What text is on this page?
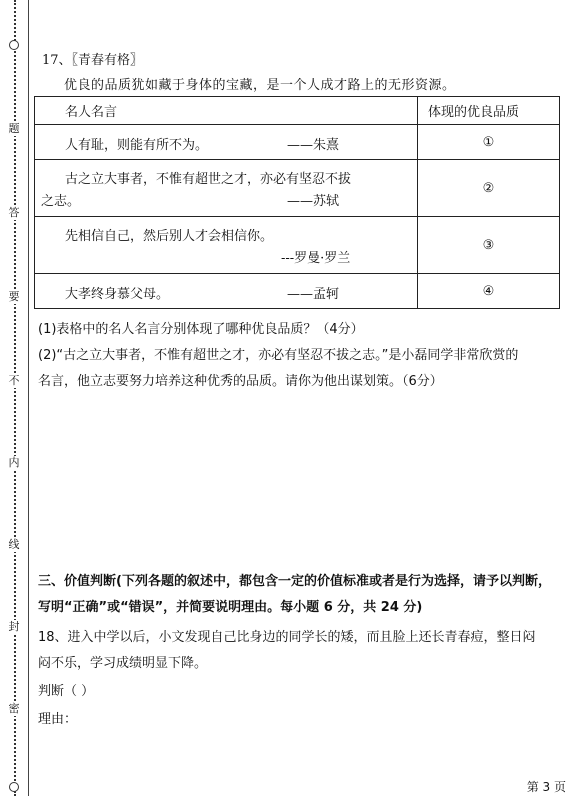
题
答
要
不
内
线
封
密
17、〖青春有格〗
优良的品质犹如藏于身体的宝藏，是一个人成才路上的无形资源。
名人名言	体现的优良品质

人有耻，则能有所不为。 ——朱熹	①

古之立大事者，不惟有超世之才，亦必有坚忍不拔
之志。 ——苏轼	②

先相信自己，然后别人才会相信你。
---罗曼·罗兰	③

大孝终身慕父母。 ——孟轲	④
(1)表格中的名人名言分别体现了哪种优良品质？（4分）
(2)“古之立大事者，不惟有超世之才，亦必有坚忍不拔之志。”是小磊同学非常欣赏的
名言，他立志要努力培养这种优秀的品质。请你为他出谋划策。（6分）
三、价值判断(下列各题的叙述中，都包含一定的价值标准或者是行为选择，请予以判断，
写明“正确”或“错误”，并简要说明理由。每小题 6 分，共 24 分)
18、进入中学以后，小文发现自己比身边的同学长的矮，而且脸上还长青春痘，整日闷
闷不乐，学习成绩明显下降。
判断（ ）
理由：
第 3 页
